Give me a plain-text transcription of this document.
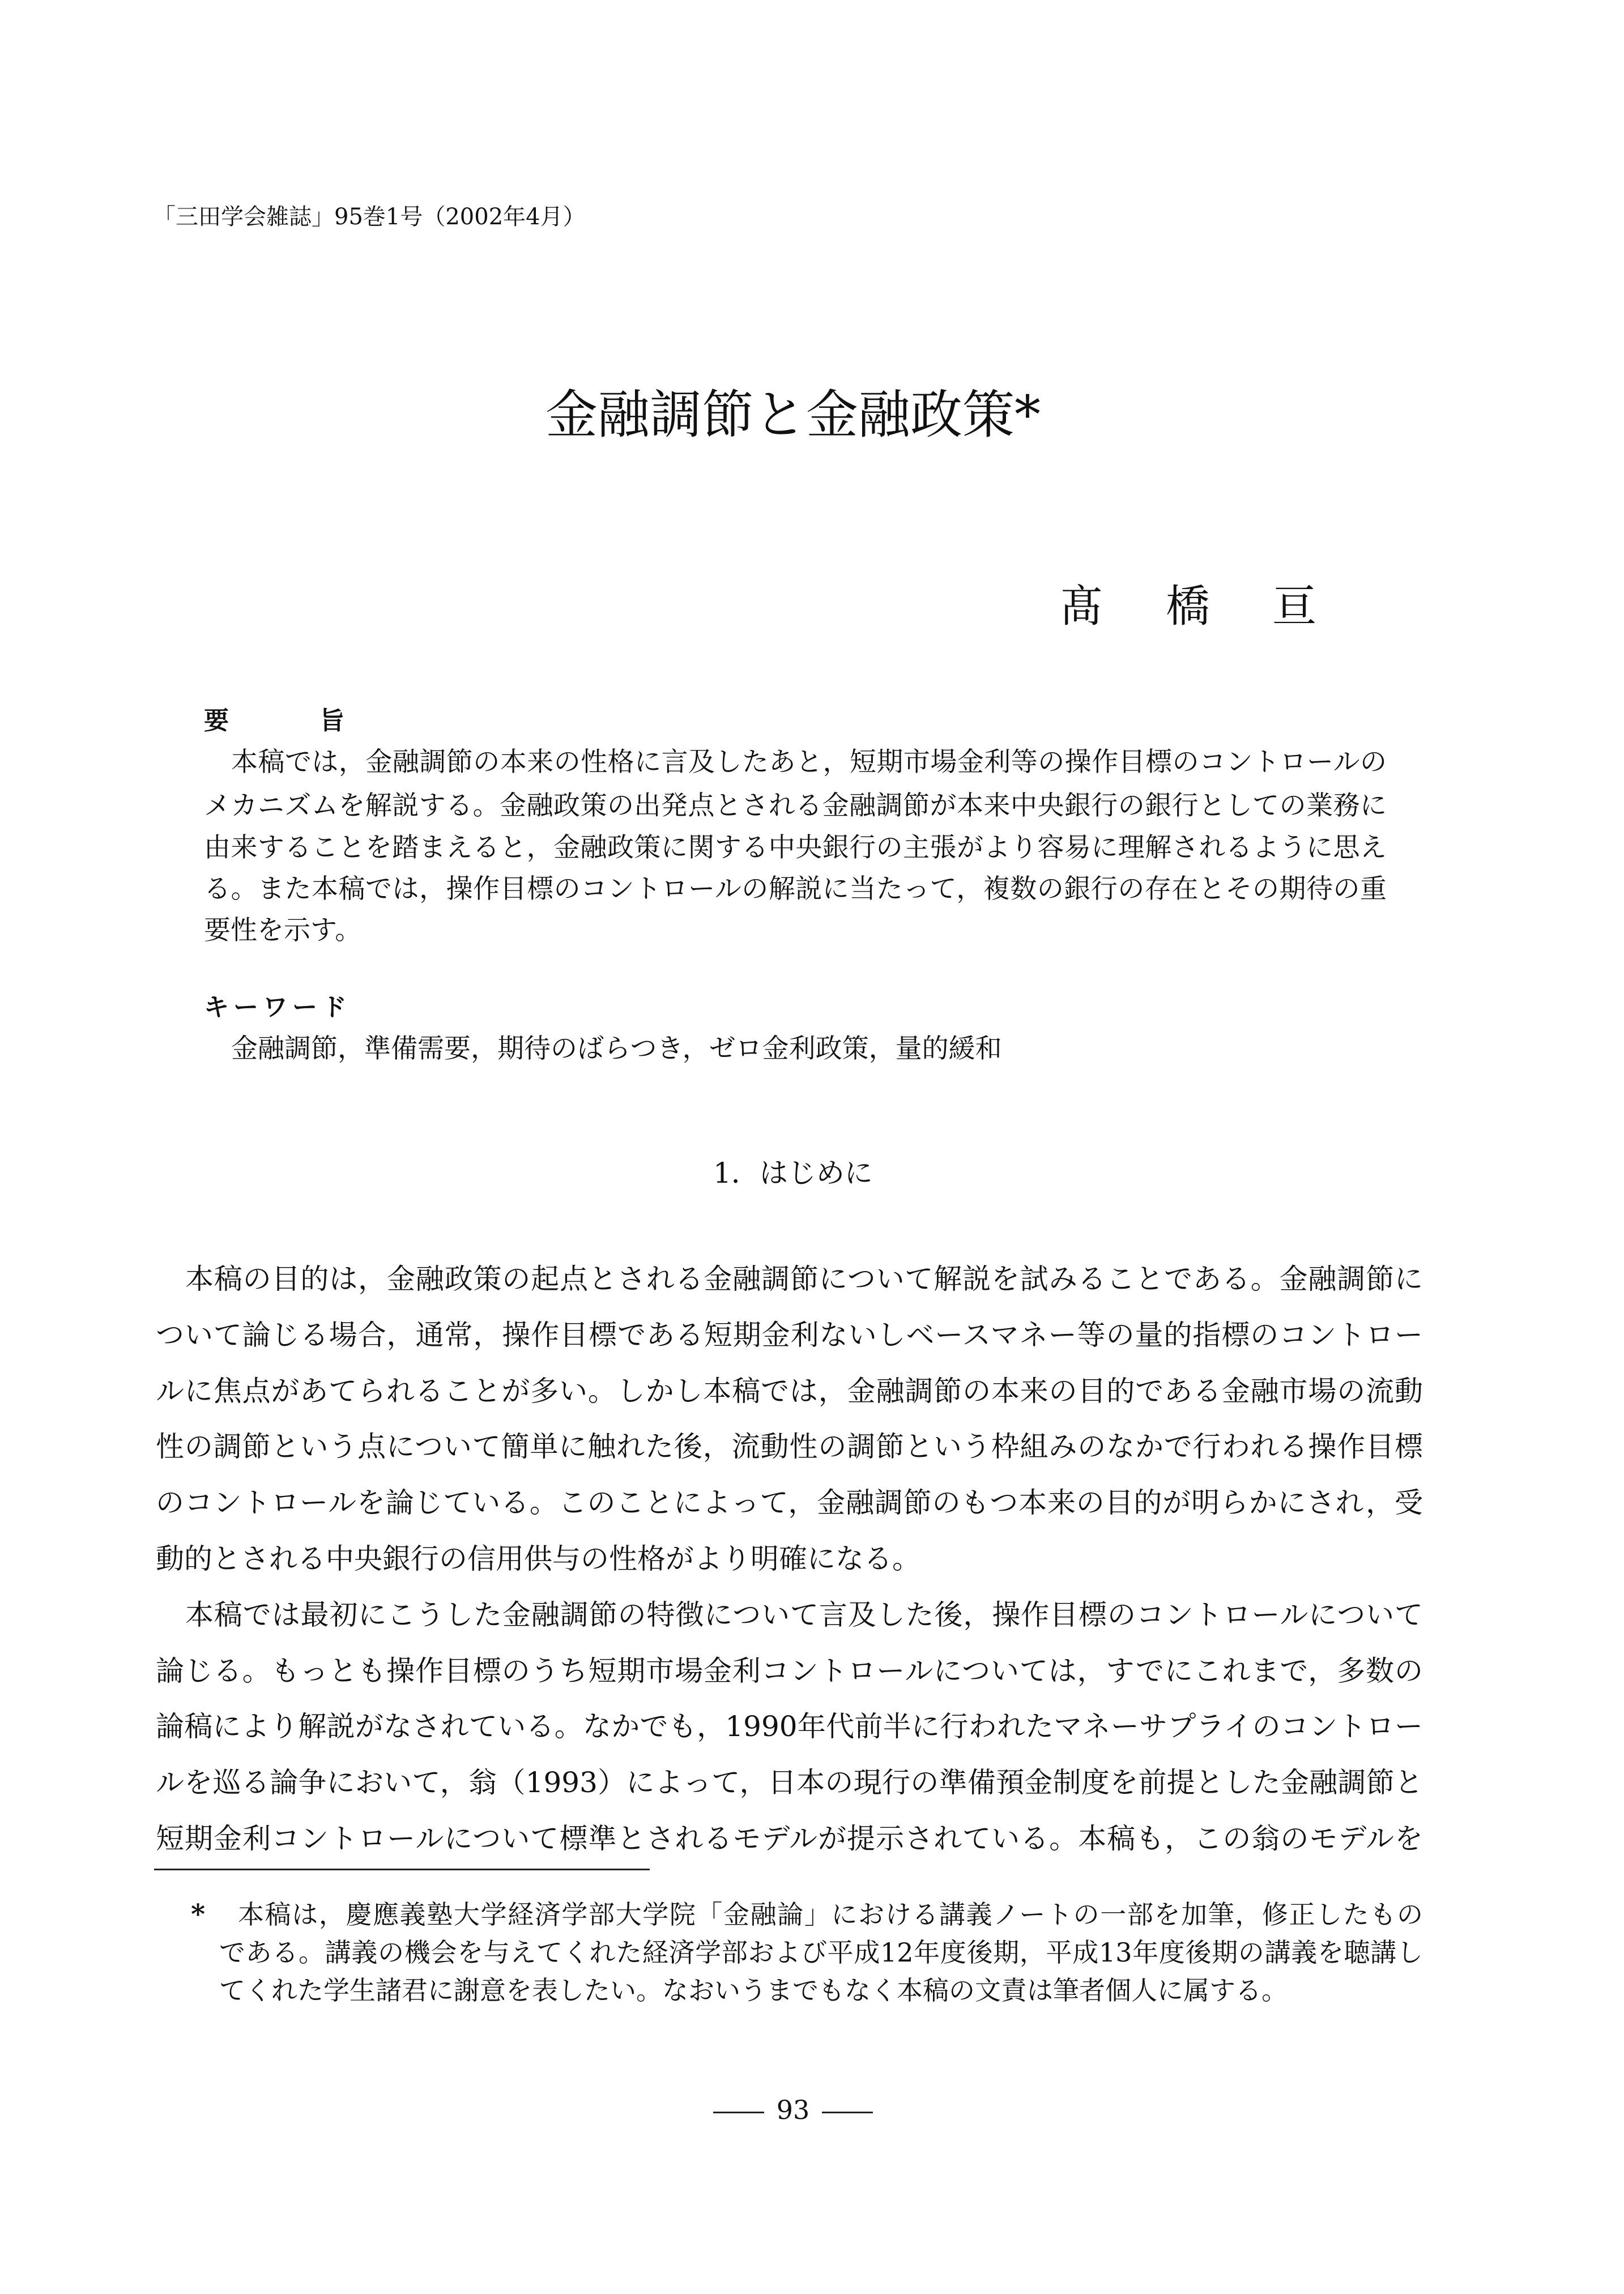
「三田学会雑誌」95巻1号（2002年4月）
金融調節と金融政策*
髙橋亘
要旨
本稿では，金融調節の本来の性格に言及したあと，短期市場金利等の操作目標のコントロールの
メカニズムを解説する。金融政策の出発点とされる金融調節が本来中央銀行の銀行としての業務に
由来することを踏まえると，金融政策に関する中央銀行の主張がより容易に理解されるように思え
る。また本稿では，操作目標のコントロールの解説に当たって，複数の銀行の存在とその期待の重
要性を示す。
キーワード
金融調節，準備需要，期待のばらつき，ゼロ金利政策，量的緩和
1．はじめに
本稿の目的は，金融政策の起点とされる金融調節について解説を試みることである。金融調節に
ついて論じる場合，通常，操作目標である短期金利ないしベースマネー等の量的指標のコントロー
ルに焦点があてられることが多い。しかし本稿では，金融調節の本来の目的である金融市場の流動
性の調節という点について簡単に触れた後，流動性の調節という枠組みのなかで行われる操作目標
のコントロールを論じている。このことによって，金融調節のもつ本来の目的が明らかにされ，受
動的とされる中央銀行の信用供与の性格がより明確になる。
本稿では最初にこうした金融調節の特徴について言及した後，操作目標のコントロールについて
論じる。もっとも操作目標のうち短期市場金利コントロールについては，すでにこれまで，多数の
論稿により解説がなされている。なかでも，1990年代前半に行われたマネーサプライのコントロー
ルを巡る論争において，翁（1993）によって，日本の現行の準備預金制度を前提とした金融調節と
短期金利コントロールについて標準とされるモデルが提示されている。本稿も，この翁のモデルを
* 本稿は，慶應義塾大学経済学部大学院「金融論」における講義ノートの一部を加筆，修正したもの
である。講義の機会を与えてくれた経済学部および平成12年度後期，平成13年度後期の講義を聴講し
てくれた学生諸君に謝意を表したい。なおいうまでもなく本稿の文責は筆者個人に属する。
93
